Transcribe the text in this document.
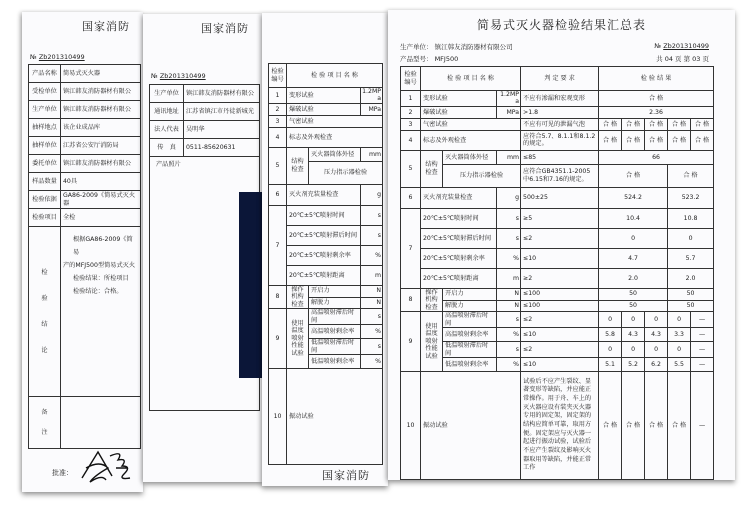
国家消防
№ Zb201310499
产品名称	简易式灭火器
受检单位	镇江韩友消防器材有限公
生产单位	镇江韩友消防器材有限公
抽样地点	该企业成品库
抽样单位	江苏省公安厅消防局
委托单位	镇江韩友消防器材有限公
样品数量	40具
检验依据	GA86-2009《简易式灭火器
检验项目	全检
检 验 结 论	根据GA86-2009《简易
产的MFJ500型简易式灭火
检验结果：所检项目
检验结论：合格。

备 注	
批准：
国家消防
№ Zb201310499
生产单位	镇江韩友消防器材有限公
通讯地址	江苏省镇江市丹徒新城光
法人代表	吴明华
传　真	0511-85620631
产品照片	
检验编号	检 验 项 目 名 称		
1	变形试验		1.2MPa
2	爆破试验		MPa
3	气密试验		
4	标志及外观检查		
5	结构检查	灭火器筒体外径	mm
		压力指示器检验	
6	灭火剂充装量检查		g
7	20℃±5℃喷射时间		s
	20℃±5℃喷射滞后时间		s
	20℃±5℃喷射剩余率		%
	20℃±5℃喷射距离		m
8	操作机构检查	开启力	N
		解脱力	N
9	使用温度喷射性能试验	高温喷射滞后时间	s
		高温喷射剩余率	%
		低温喷射滞后时间	s
		低温喷射剩余率	%
10	振动试验		
国家消防
简易式灭火器检验结果汇总表
生产单位： 镇江韩友消防器材有限公司	№ Zb201310499
产品型号： MFJ500	共 04 页 第 03 页
检验编号	检 验 项 目 名 称			判 定 要 求	检 验 结 果				
1	变形试验		1.2MPa	不应有渗漏和宏观变形	合 格				
2	爆破试验		MPa	>1.8	2.36				
3	气密试验			不应有可见的泄漏气泡	合 格	合 格	合 格	合 格	合 格
4	标志及外观检查			应符合5.7、8.1.1和8.1.2的规定。	合 格	合 格	合 格	合 格	合 格
5	结构检查	灭火器筒体外径	mm	≤85	66				
		压力指示器检验		应符合GB4351.1-2005中6.15和7.16的规定。	合 格			合 格	
6	灭火剂充装量检查		g	500±25	524.2			523.2	
7	20℃±5℃喷射时间		s	≥5	10.4			10.8	
	20℃±5℃喷射滞后时间		s	≤2	0			0	
	20℃±5℃喷射剩余率		%	≤10	4.7			5.7	
	20℃±5℃喷射距离		m	≥2	2.0			2.0	
8	操作机构检查	开启力	N	≤100	50			50	
		解脱力	N	≤100	50			50	
9	使用温度喷射性能试验	高温喷射滞后时间	s	≤2	0	0	0	0	—
		高温喷射剩余率	%	≤10	5.8	4.3	4.3	3.3	—
		低温喷射滞后时间	s	≤2	0	0	0	0	—
		低温喷射剩余率	%	≤10	5.1	5.2	6.2	5.5	—
10	振动试验			试验后不应产生裂纹、显著变形等缺陷，并应能正常操作。用于舟、车上的灭火器应设有装夹灭火器专用的固定架，固定架的结构应简单可靠，取用方便。固定架应与灭火器一起进行振动试验，试验后不应产生裂纹及影响灭火器取用等缺陷，并能正常工作	合 格	合 格	合 格	合 格	—
